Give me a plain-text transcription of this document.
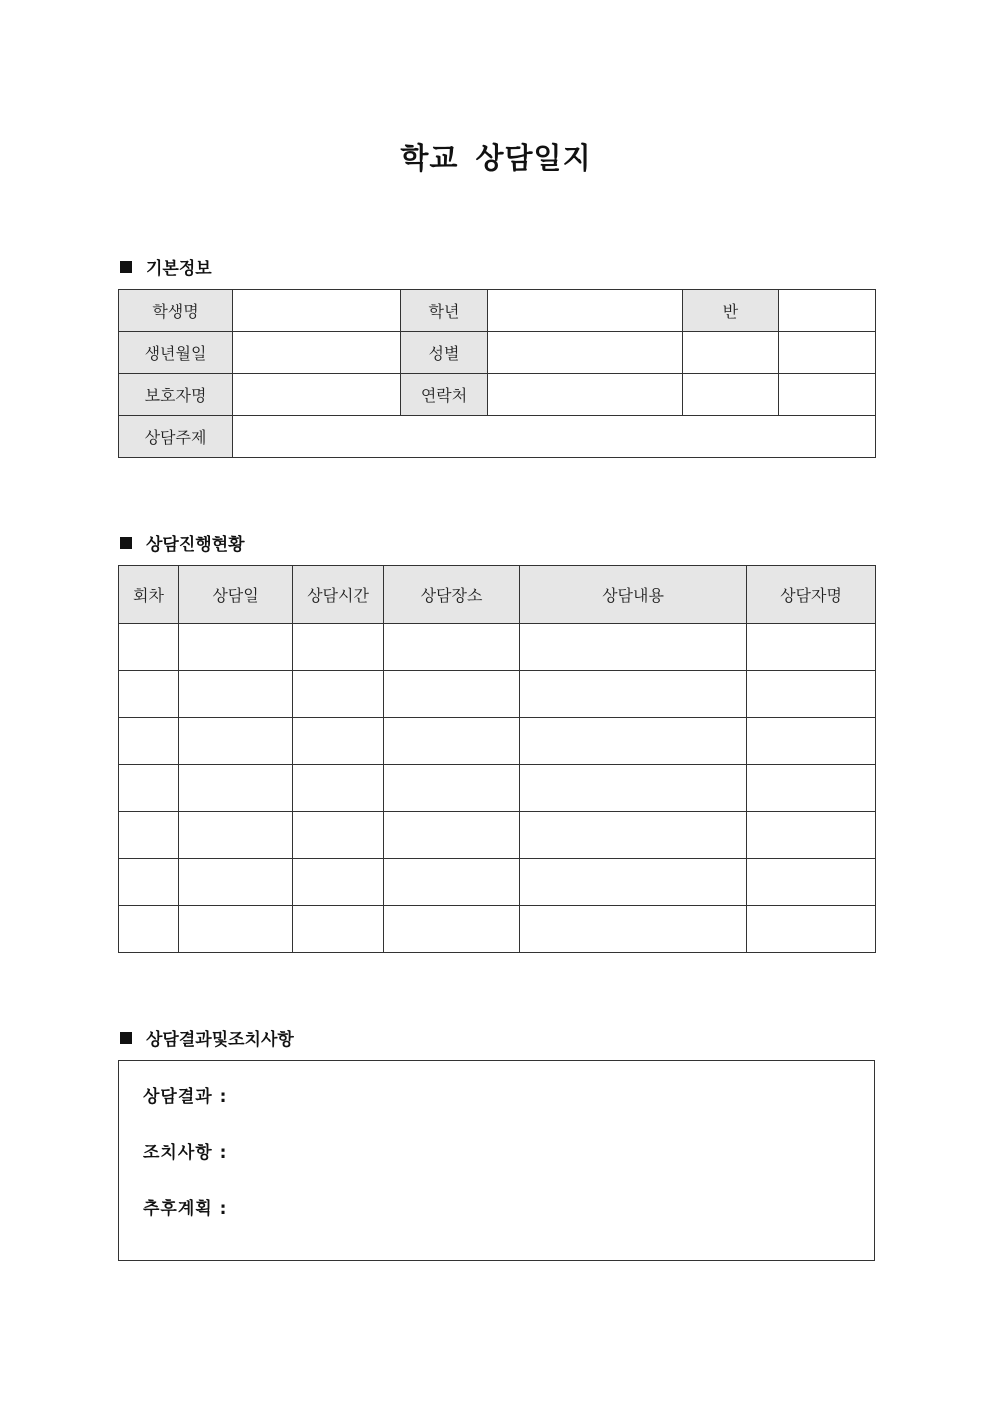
학교 상담일지
기본정보
학생명		학년		반	
생년월일		성별			
보호자명		연락처			
상담주제					
상담진행현황
회차	상담일	상담시간	상담장소	상담내용	상담자명

상담결과및조치사항
상담결과 :
조치사항 :
추후계획 :
